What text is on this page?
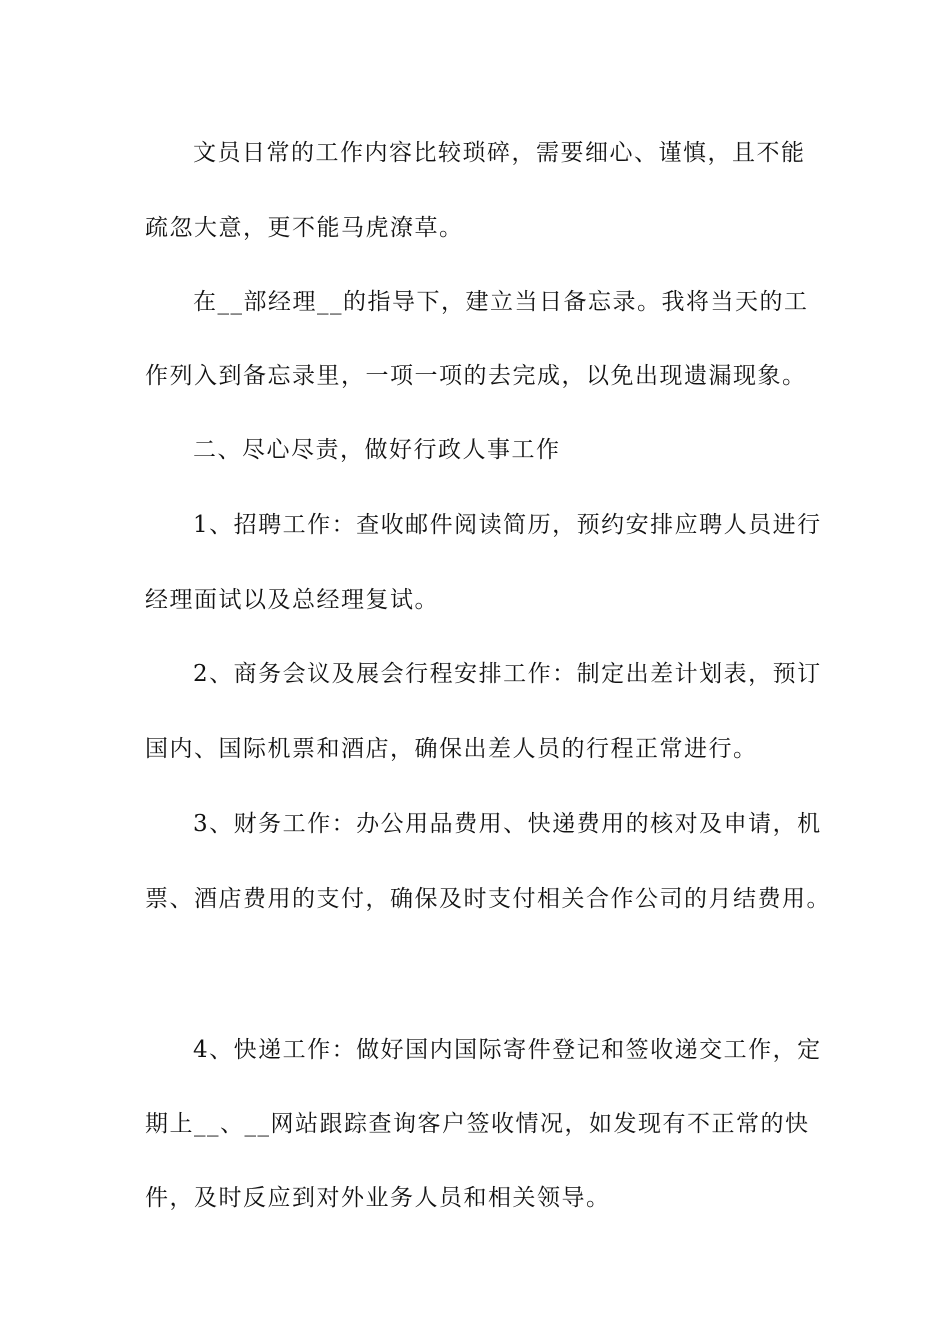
文员日常的工作内容比较琐碎，需要细心、谨慎，且不能
疏忽大意，更不能马虎潦草。
在__部经理__的指导下，建立当日备忘录。我将当天的工
作列入到备忘录里，一项一项的去完成，以免出现遗漏现象。
二、尽心尽责，做好行政人事工作
1、招聘工作：查收邮件阅读简历，预约安排应聘人员进行
经理面试以及总经理复试。
2、商务会议及展会行程安排工作：制定出差计划表，预订
国内、国际机票和酒店，确保出差人员的行程正常进行。
3、财务工作：办公用品费用、快递费用的核对及申请，机
票、酒店费用的支付，确保及时支付相关合作公司的月结费用。
4、快递工作：做好国内国际寄件登记和签收递交工作，定
期上__、__网站跟踪查询客户签收情况，如发现有不正常的快
件，及时反应到对外业务人员和相关领导。
